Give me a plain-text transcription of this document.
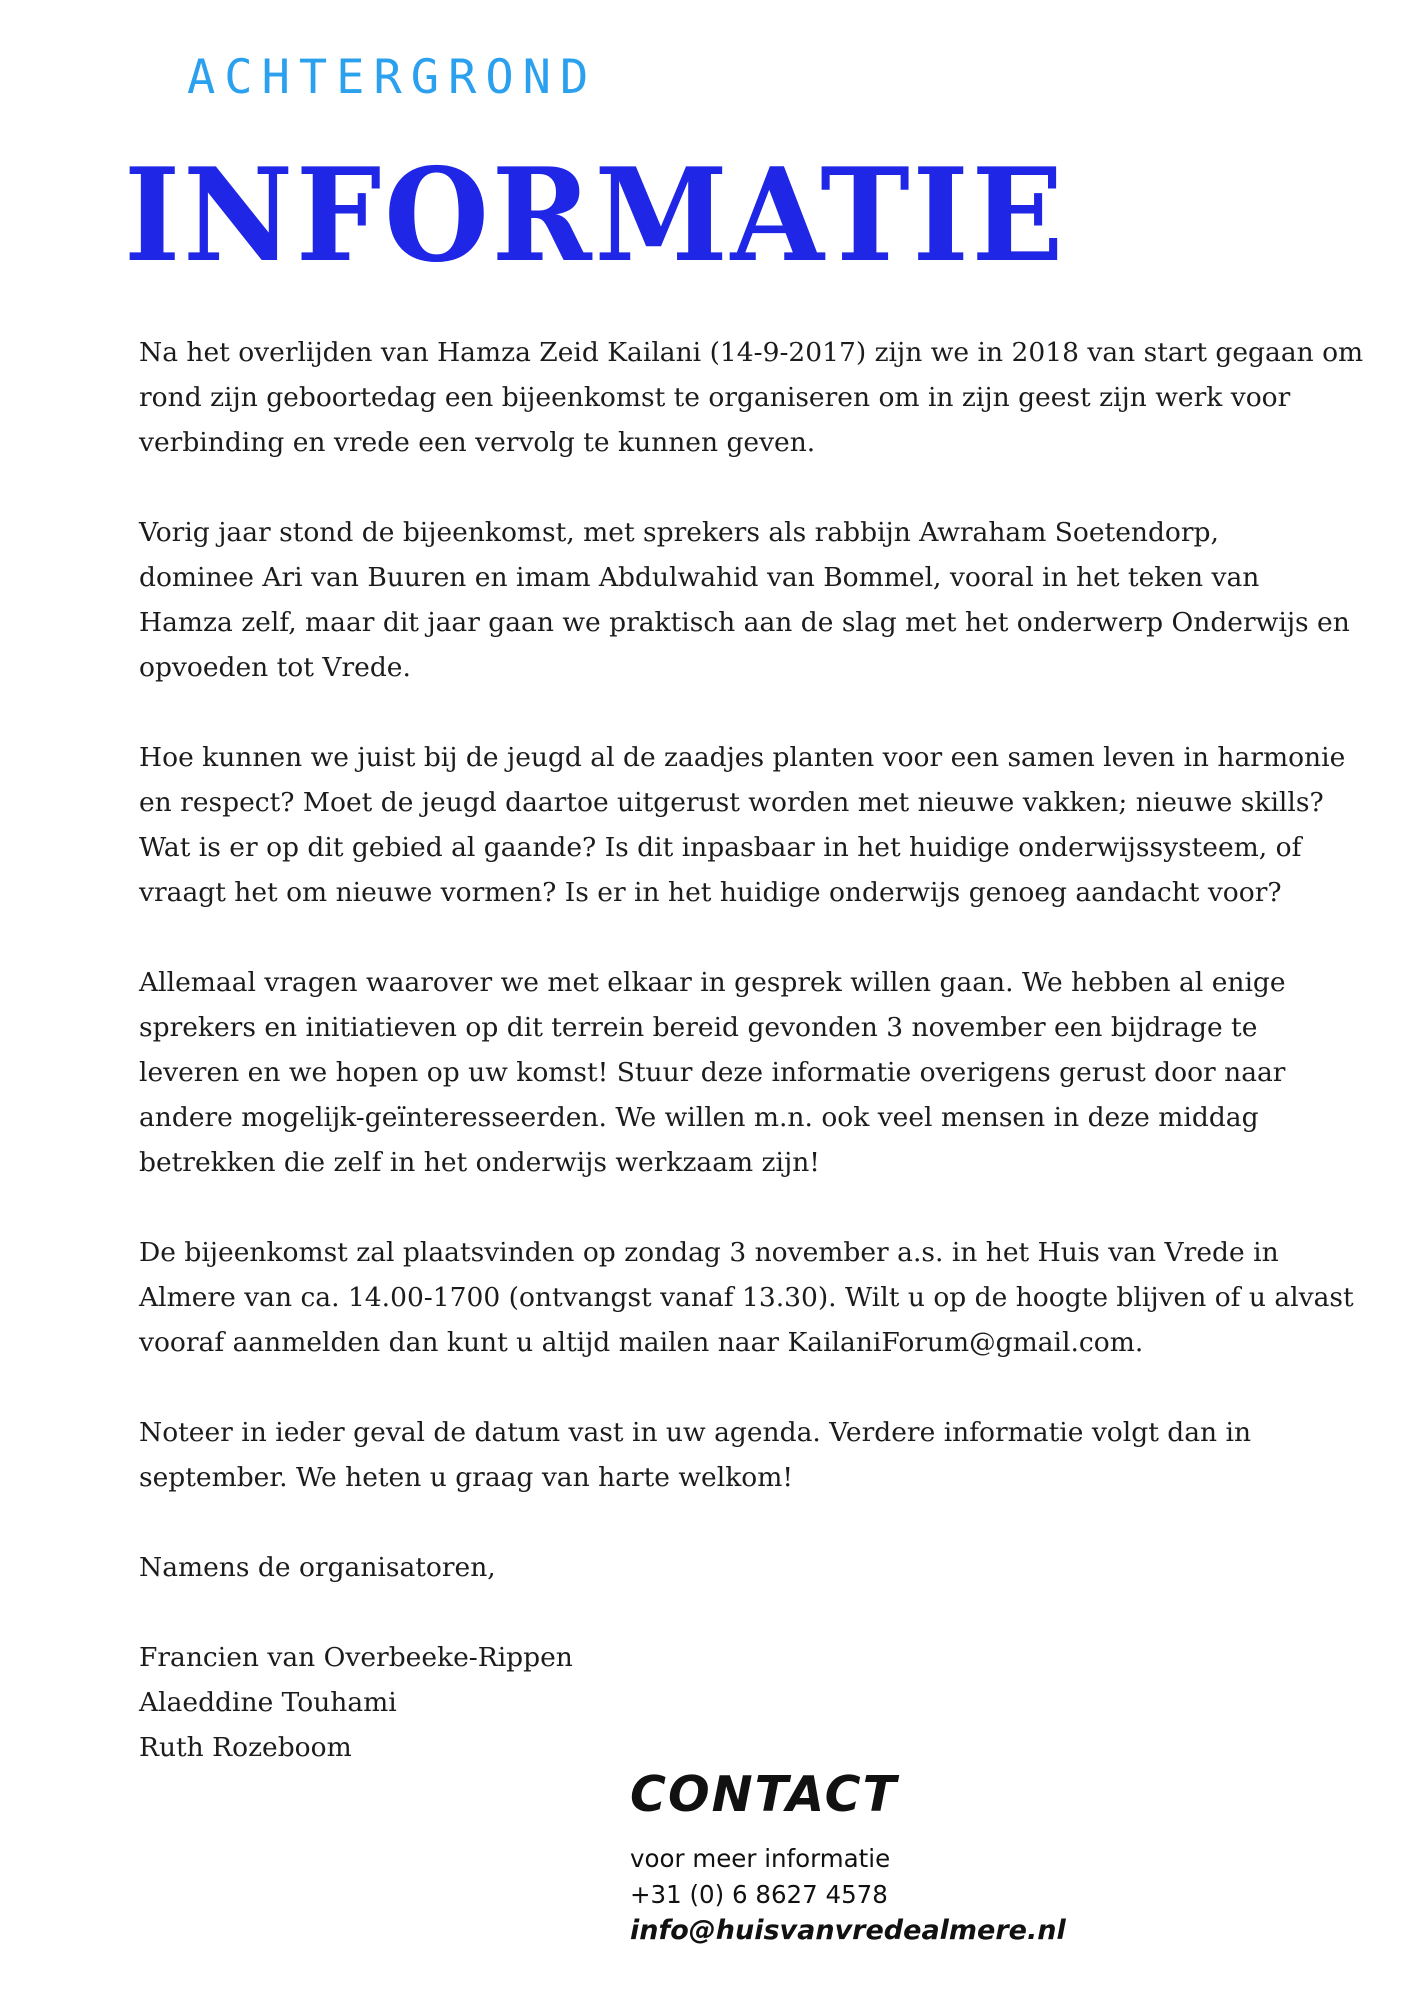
ACHTERGROND
INFORMATIE

Na het overlijden van Hamza Zeid Kailani (14-9-2017) zijn we in 2018 van start gegaan om
rond zijn geboortedag een bijeenkomst te organiseren om in zijn geest zijn werk voor
verbinding en vrede een vervolg te kunnen geven.

Vorig jaar stond de bijeenkomst, met sprekers als rabbijn Awraham Soetendorp,
dominee Ari van Buuren en imam Abdulwahid van Bommel, vooral in het teken van
Hamza zelf, maar dit jaar gaan we praktisch aan de slag met het onderwerp Onderwijs en
opvoeden tot Vrede.

Hoe kunnen we juist bij de jeugd al de zaadjes planten voor een samen leven in harmonie
en respect? Moet de jeugd daartoe uitgerust worden met nieuwe vakken; nieuwe skills?
Wat is er op dit gebied al gaande? Is dit inpasbaar in het huidige onderwijssysteem, of
vraagt het om nieuwe vormen? Is er in het huidige onderwijs genoeg aandacht voor?

Allemaal vragen waarover we met elkaar in gesprek willen gaan. We hebben al enige
sprekers en initiatieven op dit terrein bereid gevonden 3 november een bijdrage te
leveren en we hopen op uw komst! Stuur deze informatie overigens gerust door naar
andere mogelijk-geïnteresseerden. We willen m.n. ook veel mensen in deze middag
betrekken die zelf in het onderwijs werkzaam zijn!

De bijeenkomst zal plaatsvinden op zondag 3 november a.s. in het Huis van Vrede in
Almere van ca. 14.00-1700 (ontvangst vanaf 13.30). Wilt u op de hoogte blijven of u alvast
vooraf aanmelden dan kunt u altijd mailen naar KailaniForum@gmail.com.

Noteer in ieder geval de datum vast in uw agenda. Verdere informatie volgt dan in
september. We heten u graag van harte welkom!

Namens de organisatoren,

Francien van Overbeeke-Rippen
Alaeddine Touhami
Ruth Rozeboom

CONTACT
voor meer informatie
+31 (0) 6 8627 4578
info@huisvanvredealmere.nl
